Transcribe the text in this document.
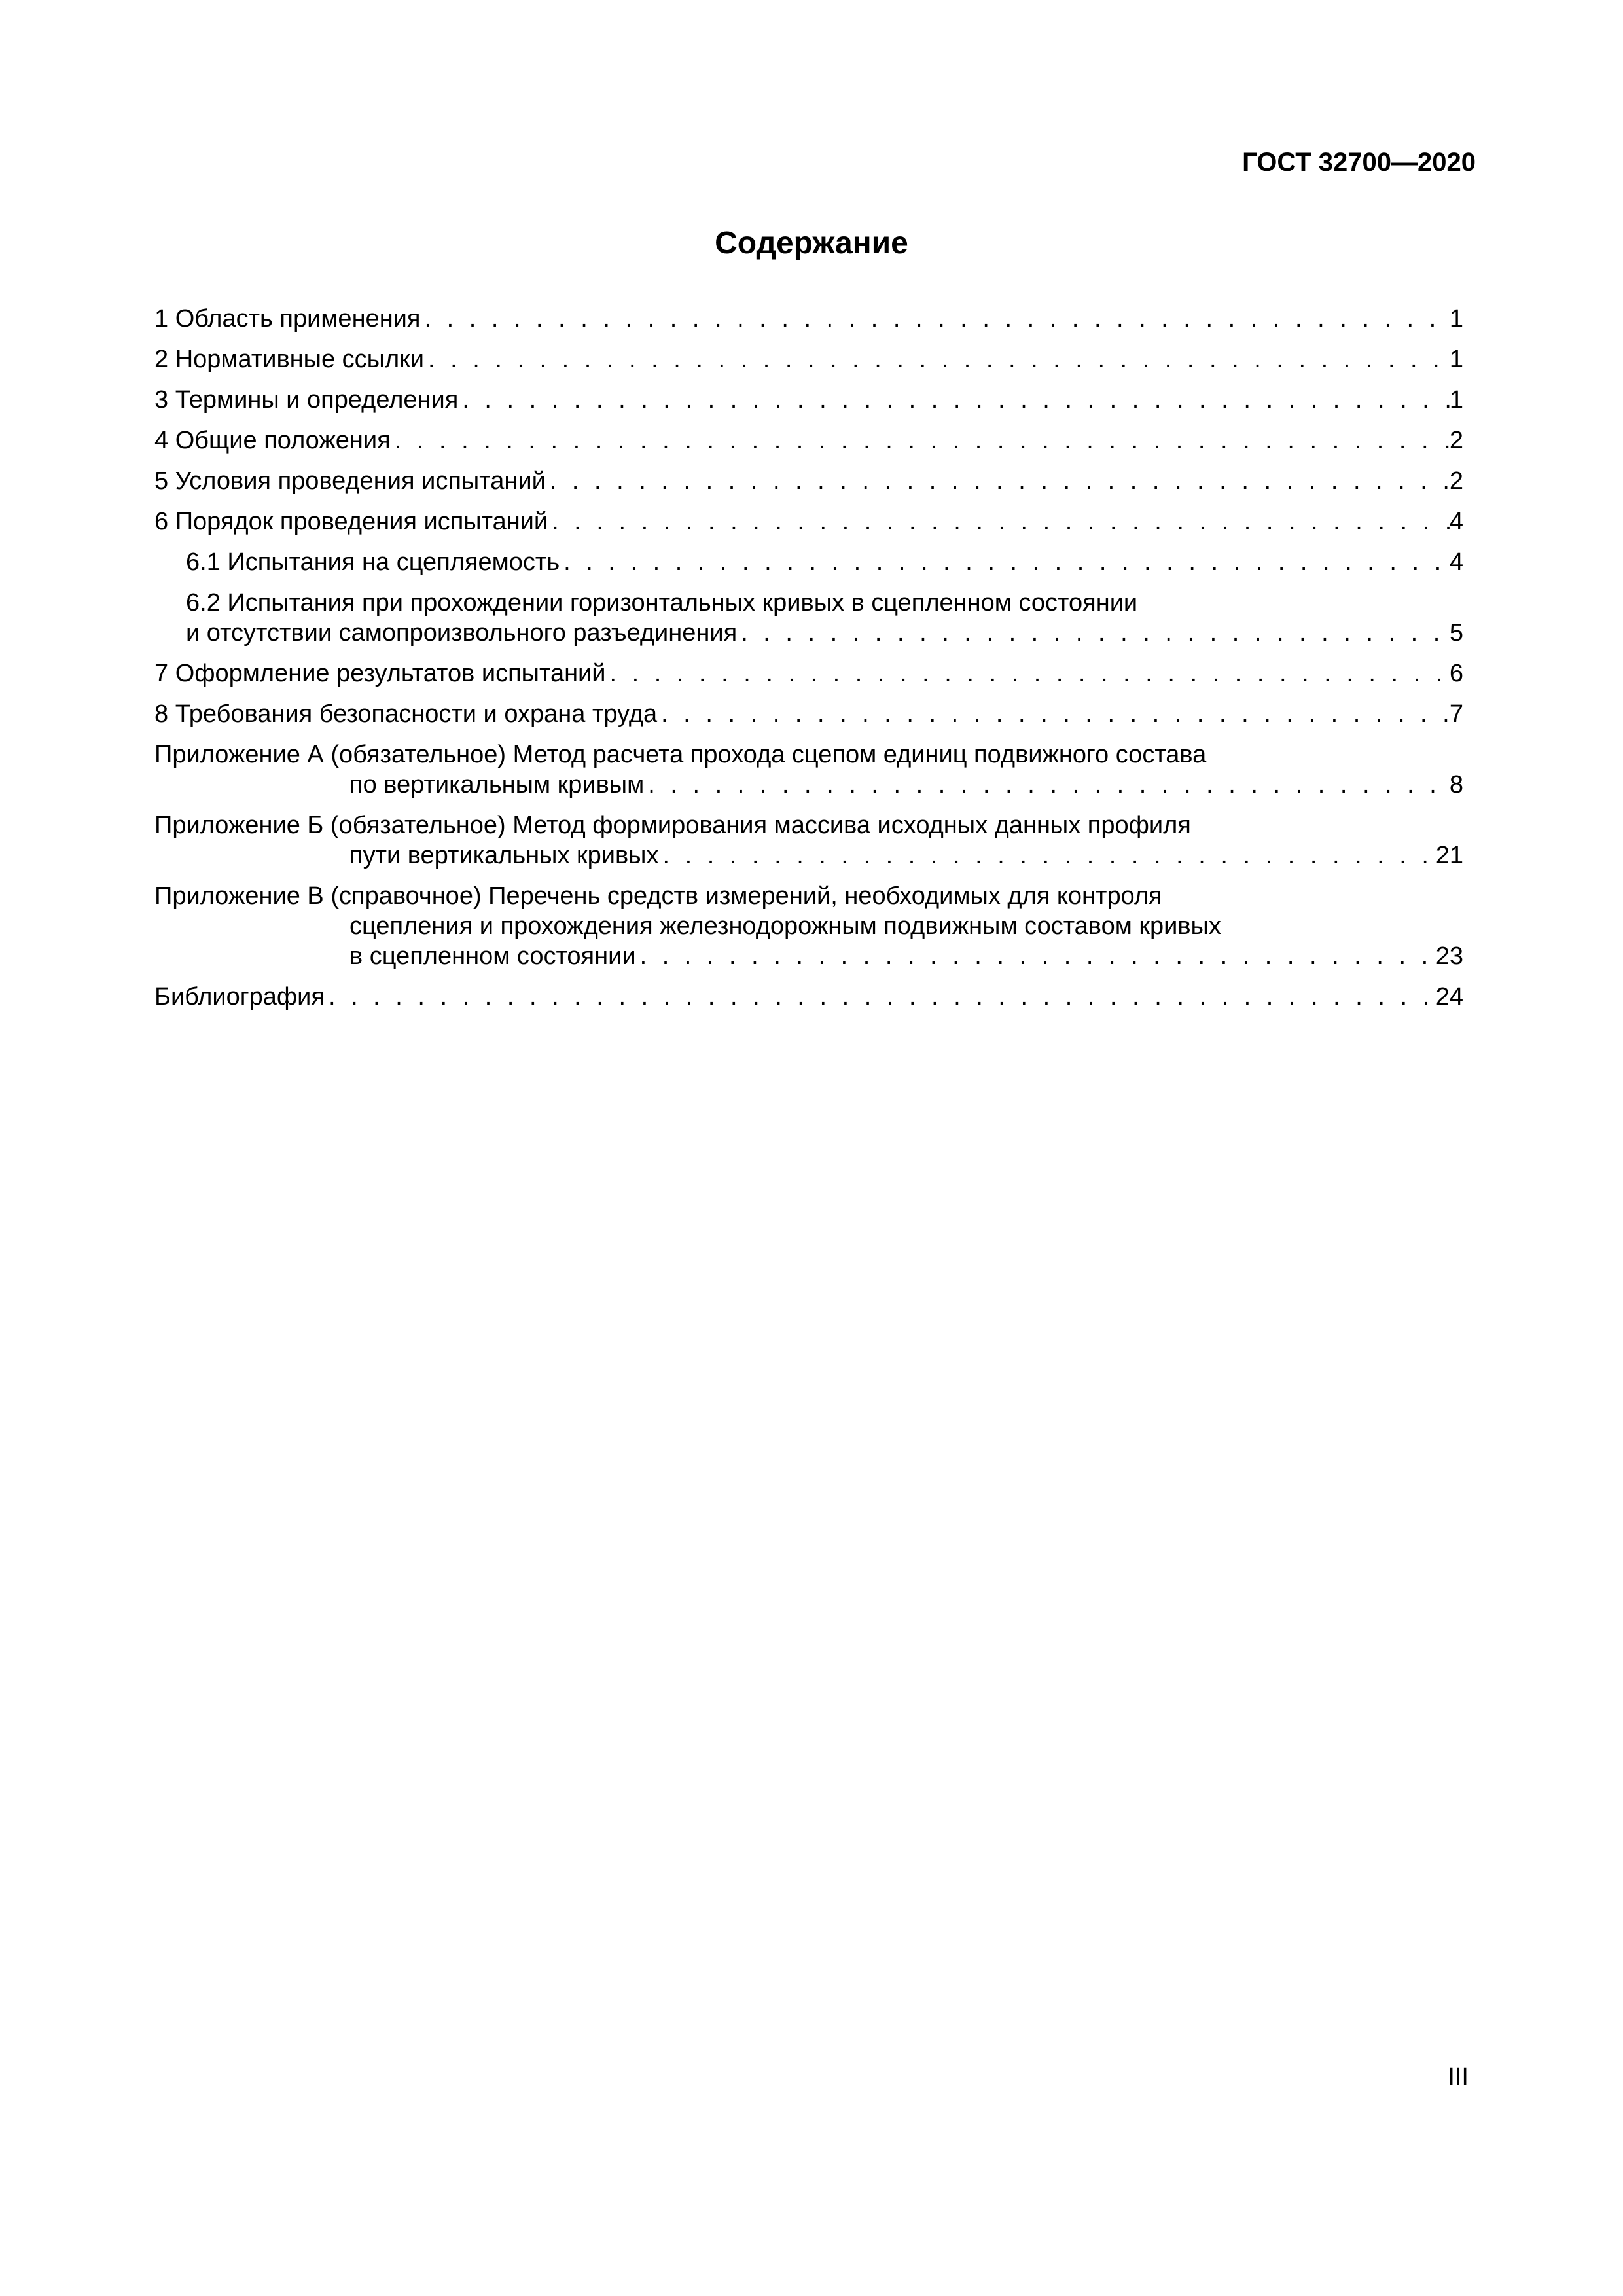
ГОСТ 32700—2020
Содержание
1 Область применения . . .	1
2 Нормативные ссылки . . .	1
3 Термины и определения . . .	1
4 Общие положения . . .	2
5 Условия проведения испытаний . . .	2
6 Порядок проведения испытаний . . .	4
6.1 Испытания на сцепляемость . . .	4
6.2 Испытания при прохождении горизонтальных кривых в сцепленном состоянии
и отсутствии самопроизвольного разъединения . . .	5
7 Оформление результатов испытаний . . .	6
8 Требования безопасности и охрана труда . . .	7
Приложение А (обязательное) Метод расчета прохода сцепом единиц подвижного состава
по вертикальным кривым . . .	8
Приложение Б (обязательное) Метод формирования массива исходных данных профиля
пути вертикальных кривых . . .	21
Приложение В (справочное) Перечень средств измерений, необходимых для контроля
сцепления и прохождения железнодорожным подвижным составом кривых
в сцепленном состоянии . . .	23
Библиография . . .	24
III
